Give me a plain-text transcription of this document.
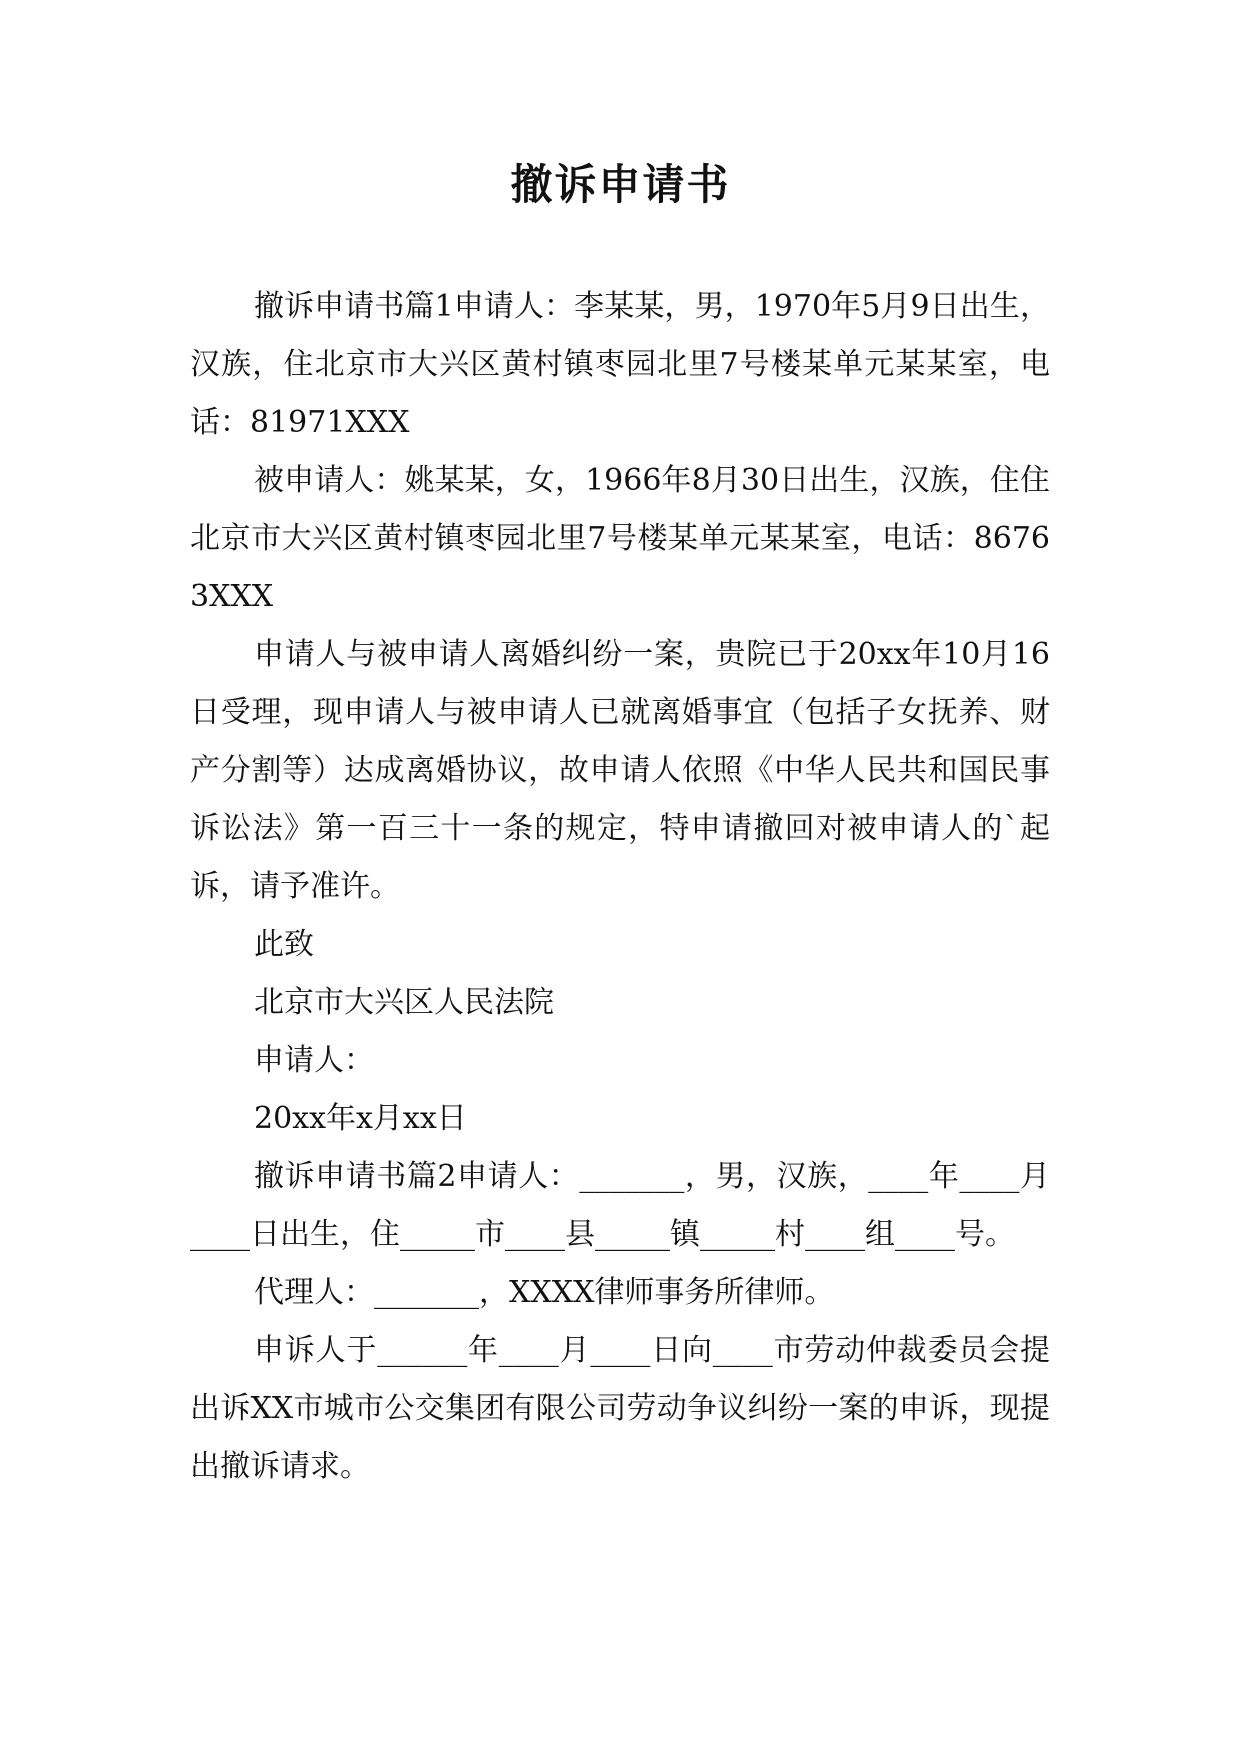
撤诉申请书

撤诉申请书篇1申请人：李某某，男，1970年5月9日出生，汉族，住北京市大兴区黄村镇枣园北里7号楼某单元某某室，电话：81971XXX

被申请人：姚某某，女，1966年8月30日出生，汉族，住住北京市大兴区黄村镇枣园北里7号楼某单元某某室，电话：86763XXX

申请人与被申请人离婚纠纷一案，贵院已于20xx年10月16日受理，现申请人与被申请人已就离婚事宜（包括子女抚养、财产分割等）达成离婚协议，故申请人依照《中华人民共和国民事诉讼法》第一百三十一条的规定，特申请撤回对被申请人的`起诉，请予准许。

此致

北京市大兴区人民法院

申请人：

20xx年x月xx日

撤诉申请书篇2申请人：_______，男，汉族，____年____月____日出生，住_____市____县_____镇_____村____组____号。

代理人：_______，XXXX律师事务所律师。

申诉人于______年____月____日向____市劳动仲裁委员会提出诉XX市城市公交集团有限公司劳动争议纠纷一案的申诉，现提出撤诉请求。
